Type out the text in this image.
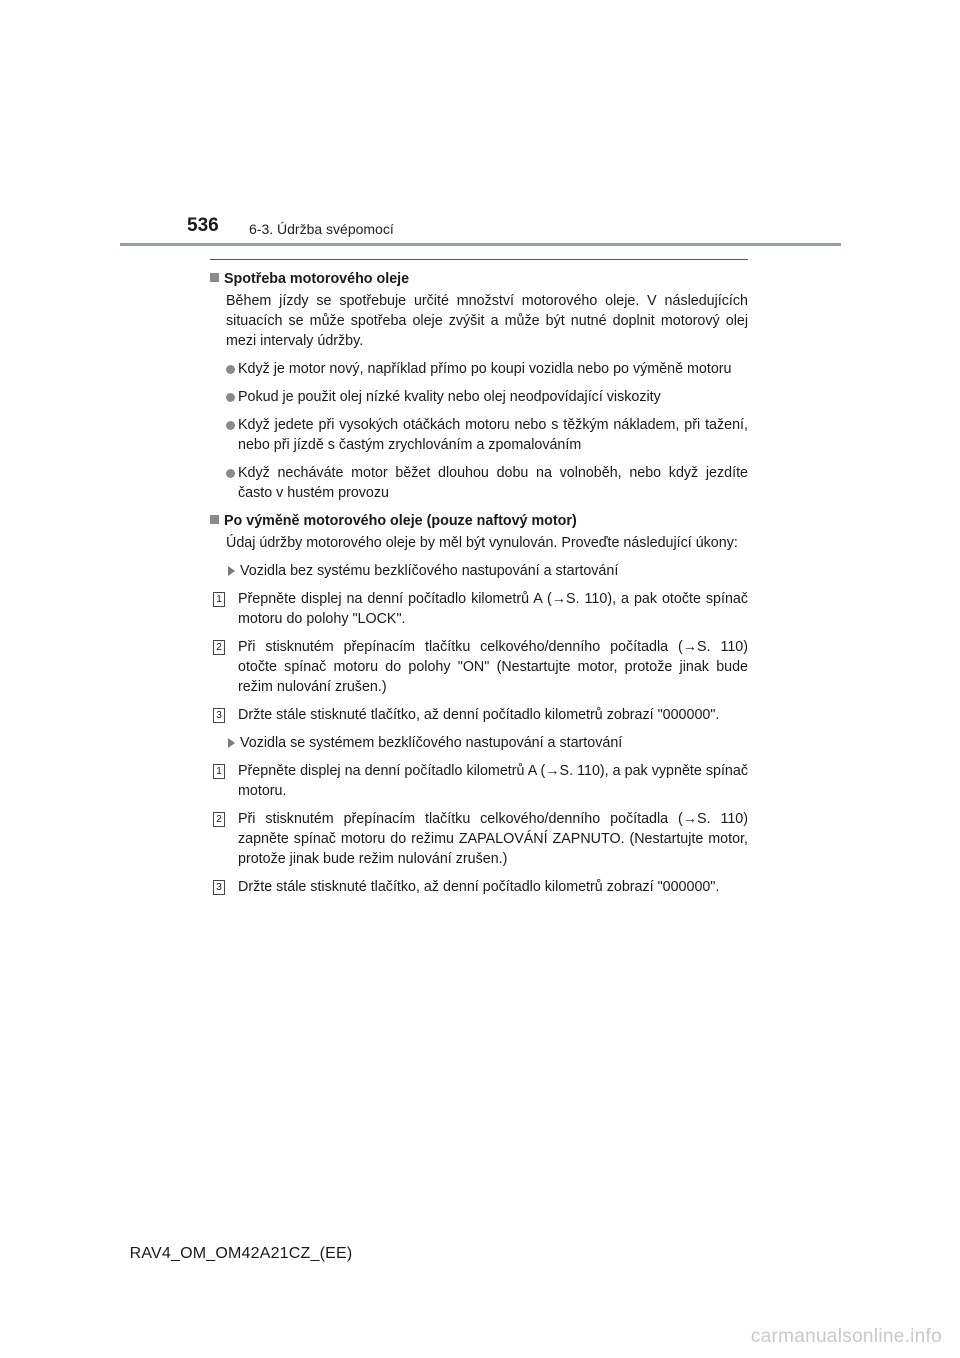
536 6-3. Údržba svépomocí
Spotřeba motorového oleje
Během jízdy se spotřebuje určité množství motorového oleje. V následujících situacích se může spotřeba oleje zvýšit a může být nutné doplnit motorový olej mezi intervaly údržby.
Když je motor nový, například přímo po koupi vozidla nebo po výměně motoru
Pokud je použit olej nízké kvality nebo olej neodpovídající viskozity
Když jedete při vysokých otáčkách motoru nebo s těžkým nákladem, při tažení, nebo při jízdě s častým zrychlováním a zpomalováním
Když necháváte motor běžet dlouhou dobu na volnoběh, nebo když jezdíte často v hustém provozu
Po výměně motorového oleje (pouze naftový motor)
Údaj údržby motorového oleje by měl být vynulován. Proveďte následující úkony:
Vozidla bez systému bezklíčového nastupování a startování
1 Přepněte displej na denní počítadlo kilometrů A (→S. 110), a pak otočte spínač motoru do polohy "LOCK".
2 Při stisknutém přepínacím tlačítku celkového/denního počítadla (→S. 110) otočte spínač motoru do polohy "ON" (Nestartujte motor, protože jinak bude režim nulování zrušen.)
3 Držte stále stisknuté tlačítko, až denní počítadlo kilometrů zobrazí "000000".
Vozidla se systémem bezklíčového nastupování a startování
1 Přepněte displej na denní počítadlo kilometrů A (→S. 110), a pak vypněte spínač motoru.
2 Při stisknutém přepínacím tlačítku celkového/denního počítadla (→S. 110) zapněte spínač motoru do režimu ZAPALOVÁNÍ ZAPNUTO. (Nestartujte motor, protože jinak bude režim nulování zrušen.)
3 Držte stále stisknuté tlačítko, až denní počítadlo kilometrů zobrazí "000000".
RAV4_OM_OM42A21CZ_(EE)
carmanualsonline.info
